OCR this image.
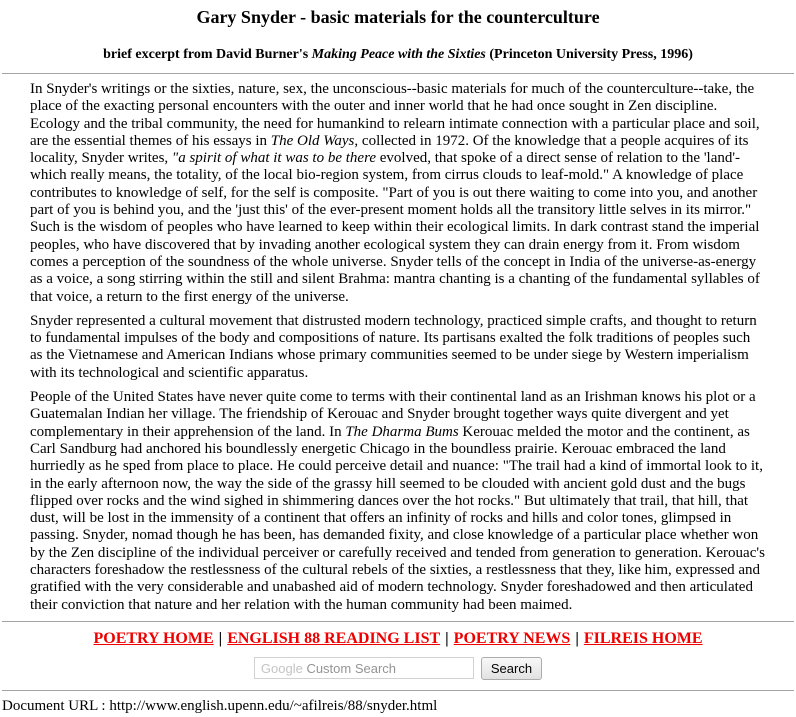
Gary Snyder - basic materials for the counterculture
brief excerpt from David Burner's Making Peace with the Sixties (Princeton University Press, 1996)

In Snyder's writings or the sixties, nature, sex, the unconscious--basic materials for much of the counterculture--take, the place of the exacting personal encounters with the outer and inner world that he had once sought in Zen discipline. Ecology and the tribal community, the need for humankind to relearn intimate connection with a particular place and soil, are the essential themes of his essays in The Old Ways, collected in 1972. Of the knowledge that a people acquires of its locality, Snyder writes, "a spirit of what it was to be there evolved, that spoke of a direct sense of relation to the 'land'-which really means, the totality, of the local bio-region system, from cirrus clouds to leaf-mold." A knowledge of place contributes to knowledge of self, for the self is composite. "Part of you is out there waiting to come into you, and another part of you is behind you, and the 'just this' of the ever-present moment holds all the transitory little selves in its mirror." Such is the wisdom of peoples who have learned to keep within their ecological limits. In dark contrast stand the imperial peoples, who have discovered that by invading another ecological system they can drain energy from it. From wisdom comes a perception of the soundness of the whole universe. Snyder tells of the concept in India of the universe-as-energy as a voice, a song stirring within the still and silent Brahma: mantra chanting is a chanting of the fundamental syllables of that voice, a return to the first energy of the universe.

Snyder represented a cultural movement that distrusted modern technology, practiced simple crafts, and thought to return to fundamental impulses of the body and compositions of nature. Its partisans exalted the folk traditions of peoples such as the Vietnamese and American Indians whose primary communities seemed to be under siege by Western imperialism with its technological and scientific apparatus.

People of the United States have never quite come to terms with their continental land as an Irishman knows his plot or a Guatemalan Indian her village. The friendship of Kerouac and Snyder brought together ways quite divergent and yet complementary in their apprehension of the land. In The Dharma Bums Kerouac melded the motor and the continent, as Carl Sandburg had anchored his boundlessly energetic Chicago in the boundless prairie. Kerouac embraced the land hurriedly as he sped from place to place. He could perceive detail and nuance: "The trail had a kind of immortal look to it, in the early afternoon now, the way the side of the grassy hill seemed to be clouded with ancient gold dust and the bugs flipped over rocks and the wind sighed in shimmering dances over the hot rocks." But ultimately that trail, that hill, that dust, will be lost in the immensity of a continent that offers an infinity of rocks and hills and color tones, glimpsed in passing. Snyder, nomad though he has been, has demanded fixity, and close knowledge of a particular place whether won by the Zen discipline of the individual perceiver or carefully received and tended from generation to generation. Kerouac's characters foreshadow the restlessness of the cultural rebels of the sixties, a restlessness that they, like him, expressed and gratified with the very considerable and unabashed aid of modern technology. Snyder foreshadowed and then articulated their conviction that nature and her relation with the human community had been maimed.

POETRY HOME | ENGLISH 88 READING LIST | POETRY NEWS | FILREIS HOME
Google Custom Search	Search
Document URL : http://www.english.upenn.edu/~afilreis/88/snyder.html
